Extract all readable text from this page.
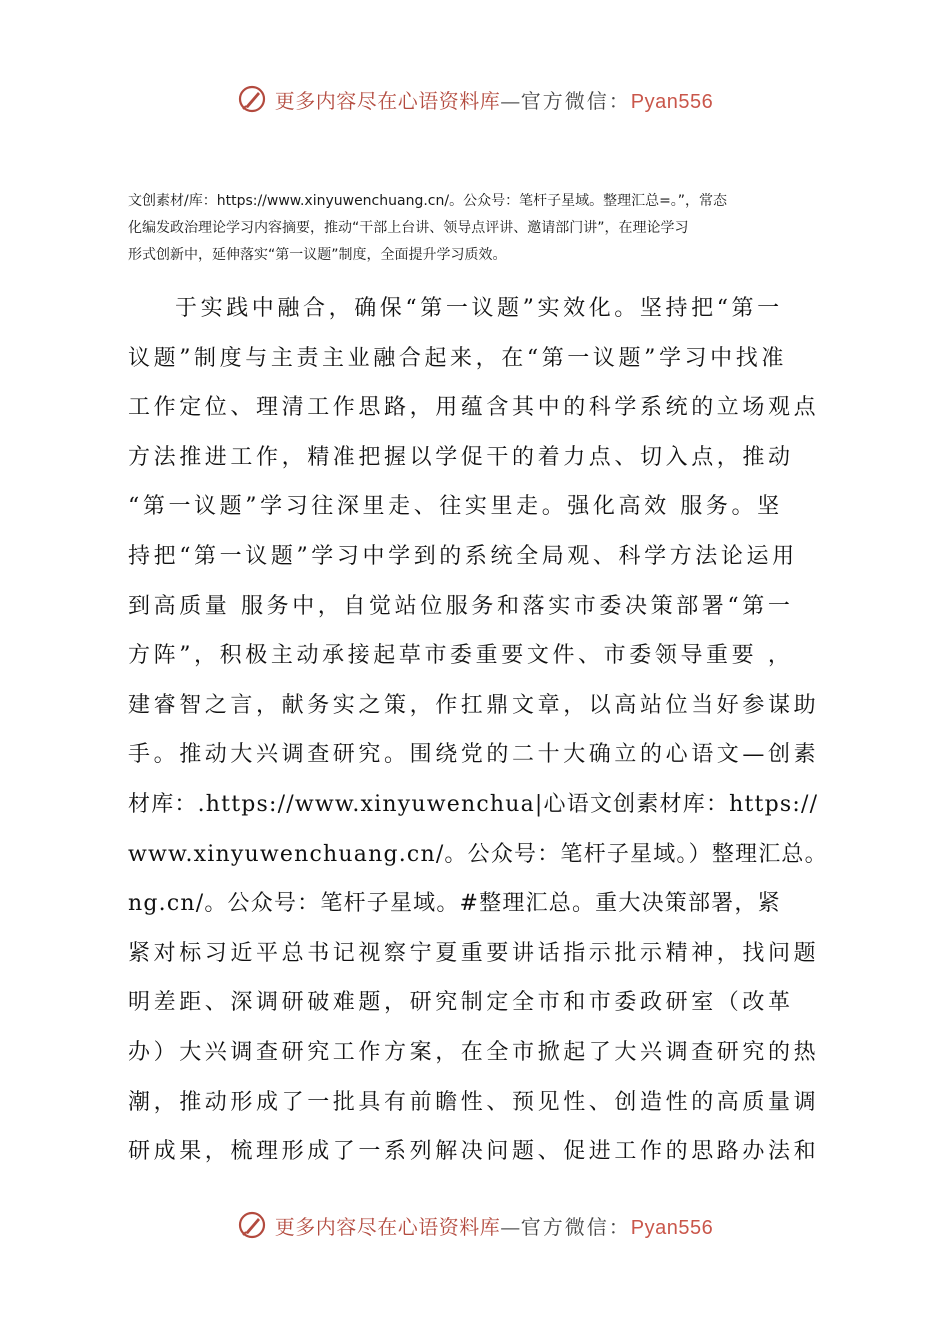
更多内容尽在心语资料库—官方微信：Pyan556

文创素材/库：https://www.xinyuwenchuang.cn/。公众号：笔杆子星域。整理汇总=。”，常态
化编发政治理论学习内容摘要，推动“干部上台讲、领导点评讲、邀请部门讲”，在理论学习
形式创新中，延伸落实“第一议题”制度，全面提升学习质效。

于实践中融合，确保“第一议题”实效化。坚持把“第一
议题”制度与主责主业融合起来，在“第一议题”学习中找准
工作定位、理清工作思路，用蕴含其中的科学系统的立场观点
方法推进工作，精准把握以学促干的着力点、切入点，推动
“第一议题”学习往深里走、往实里走。强化高效 服务。坚
持把“第一议题”学习中学到的系统全局观、科学方法论运用
到高质量 服务中，自觉站位服务和落实市委决策部署“第一
方阵”，积极主动承接起草市委重要文件、市委领导重要 ，
建睿智之言，献务实之策，作扛鼎文章，以高站位当好参谋助
手。推动大兴调查研究。围绕党的二十大确立的心语文—创素
材库：.https://www.xinyuwenchua|心语文创素材库：https://
www.xinyuwenchuang.cn/。公众号：笔杆子星域。）整理汇总。
ng.cn/。公众号：笔杆子星域。#整理汇总。重大决策部署，紧
紧对标习近平总书记视察宁夏重要讲话指示批示精神，找问题
明差距、深调研破难题，研究制定全市和市委政研室（改革
办）大兴调查研究工作方案，在全市掀起了大兴调查研究的热
潮，推动形成了一批具有前瞻性、预见性、创造性的高质量调
研成果，梳理形成了一系列解决问题、促进工作的思路办法和
更多内容尽在心语资料库—官方微信：Pyan556
